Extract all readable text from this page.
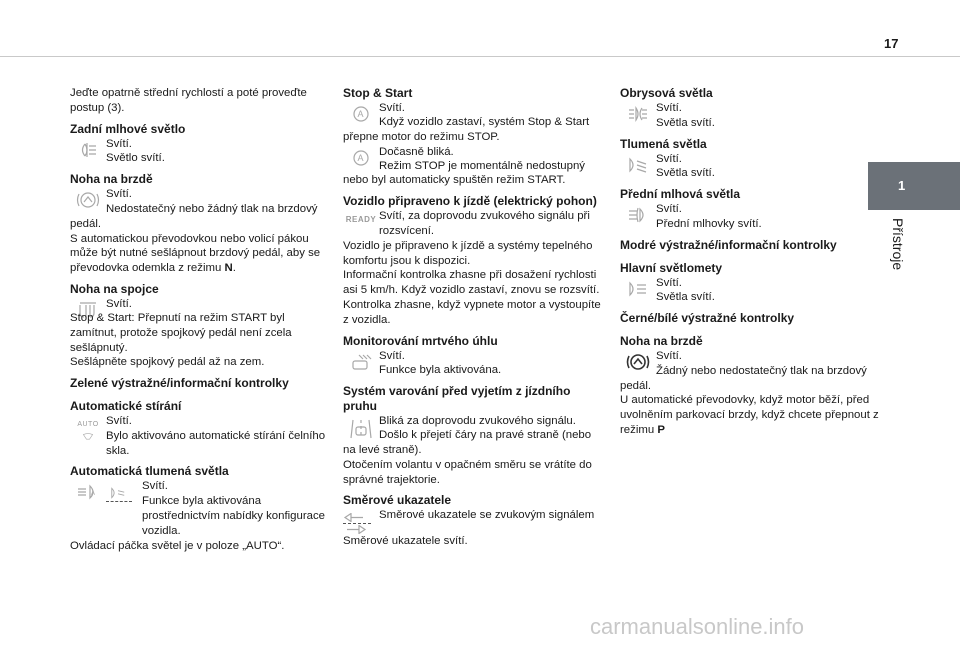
17
1
Přístroje

Jeďte opatrně střední rychlostí a poté proveďte postup (3).

Zadní mlhové světlo

Svítí.

Světlo svítí.

Noha na brzdě

Svítí.

Nedostatečný nebo žádný tlak na brzdový

pedál.

S automatickou převodovkou nebo volicí pákou může být nutné sešlápnout brzdový pedál, aby se převodovka odemkla z režimu N.

Noha na spojce

Svítí.

Stop & Start: Přepnutí na režim START byl zamítnut, protože spojkový pedál není zcela sešlápnutý.

Sešlápněte spojkový pedál až na zem.

Zelené výstražné/informační kontrolky

Automatické stírání

AUTO Svítí.

Bylo aktivováno automatické stírání čelního skla.

Automatická tlumená světla

A

Svítí.

Funkce byla aktivována prostřednictvím nabídky konfigurace vozidla.

Ovládací páčka světel je v poloze „AUTO“.

Stop & Start

A Svítí.

Když vozidlo zastaví, systém Stop & Start přepne motor do režimu STOP.

A Dočasně bliká.

Režim STOP je momentálně nedostupný nebo byl automaticky spuštěn režim START.

Vozidlo připraveno k jízdě (elektrický pohon)

READY Svítí, za doprovodu zvukového signálu při rozsvícení.

Vozidlo je připraveno k jízdě a systémy tepelného komfortu jsou k dispozici.

Informační kontrolka zhasne při dosažení rychlosti asi 5 km/h. Když vozidlo zastaví, znovu se rozsvítí.

Kontrolka zhasne, když vypnete motor a vystoupíte z vozidla.

Monitorování mrtvého úhlu

Svítí.

Funkce byla aktivována.

Systém varování před vyjetím z jízdního pruhu

Bliká za doprovodu zvukového signálu.

Došlo k přejetí čáry na pravé straně (nebo na levé straně).

Otočením volantu v opačném směru se vrátíte do správné trajektorie.

Směrové ukazatele

Směrové ukazatele se zvukovým signálem

Směrové ukazatele svítí.

Obrysová světla

Svítí.

Světla svítí.

Tlumená světla

Svítí.

Světla svítí.

Přední mlhová světla

Svítí.

Přední mlhovky svítí.

Modré výstražné/informační kontrolky

Hlavní světlomety

Svítí.

Světla svítí.

Černé/bílé výstražné kontrolky

Noha na brzdě

Svítí.

Žádný nebo nedostatečný tlak na brzdový

pedál.

U automatické převodovky, když motor běží, před uvolněním parkovací brzdy, když chcete přepnout z režimu P

carmanualsonline.info
